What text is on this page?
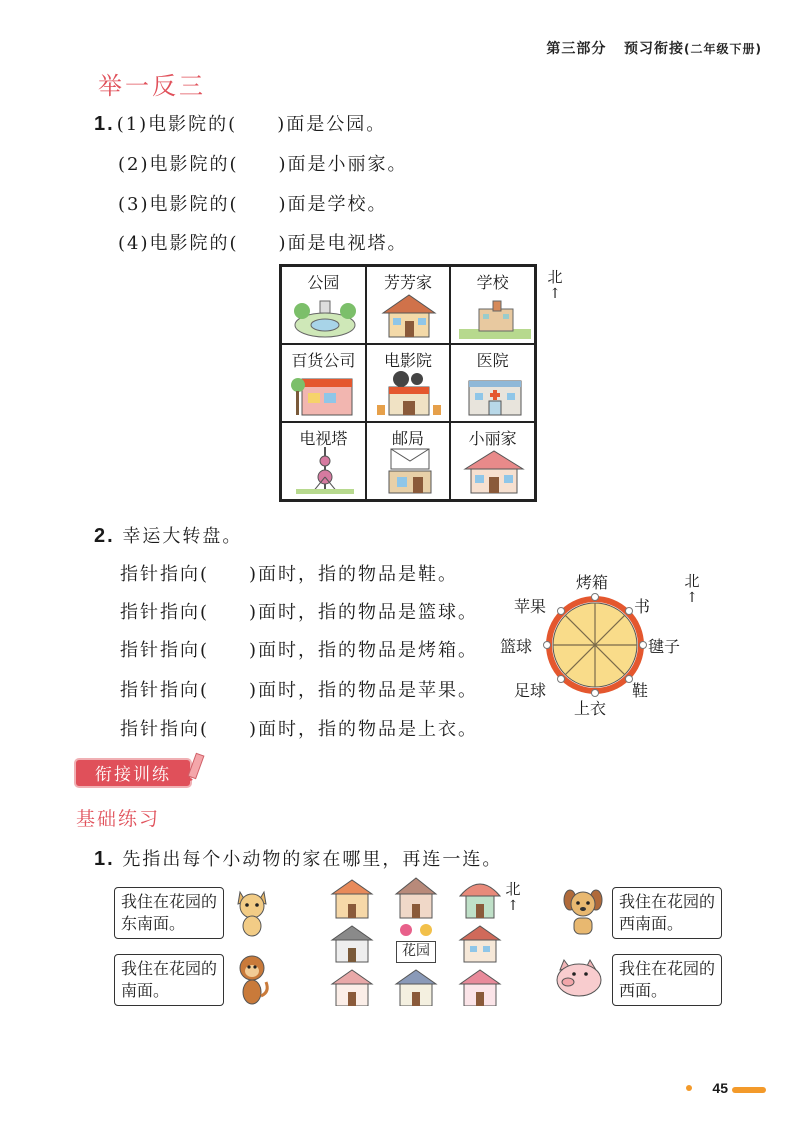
第三部分 预习衔接(二年级下册)
举一反三
1. (1)电影院的(　　)面是公园。
(2)电影院的(　　)面是小丽家。
(3)电影院的(　　)面是学校。
(4)电影院的(　　)面是电视塔。
公园	芳芳家	学校
百货公司	电影院	医院
电视塔	邮局	小丽家
北
↑
2. 幸运大转盘。
指针指向(　　)面时，指的物品是鞋。
指针指向(　　)面时，指的物品是篮球。
指针指向(　　)面时，指的物品是烤箱。
指针指向(　　)面时，指的物品是苹果。
指针指向(　　)面时，指的物品是上衣。
烤箱
书
毽子
鞋
上衣
足球
篮球
苹果
北
↑
衔接训练
基础练习
1. 先指出每个小动物的家在哪里，再连一连。
我住在花园的东南面。
我住在花园的南面。
花园
北
↑	我住在花园的西南面。
我住在花园的西面。
45
